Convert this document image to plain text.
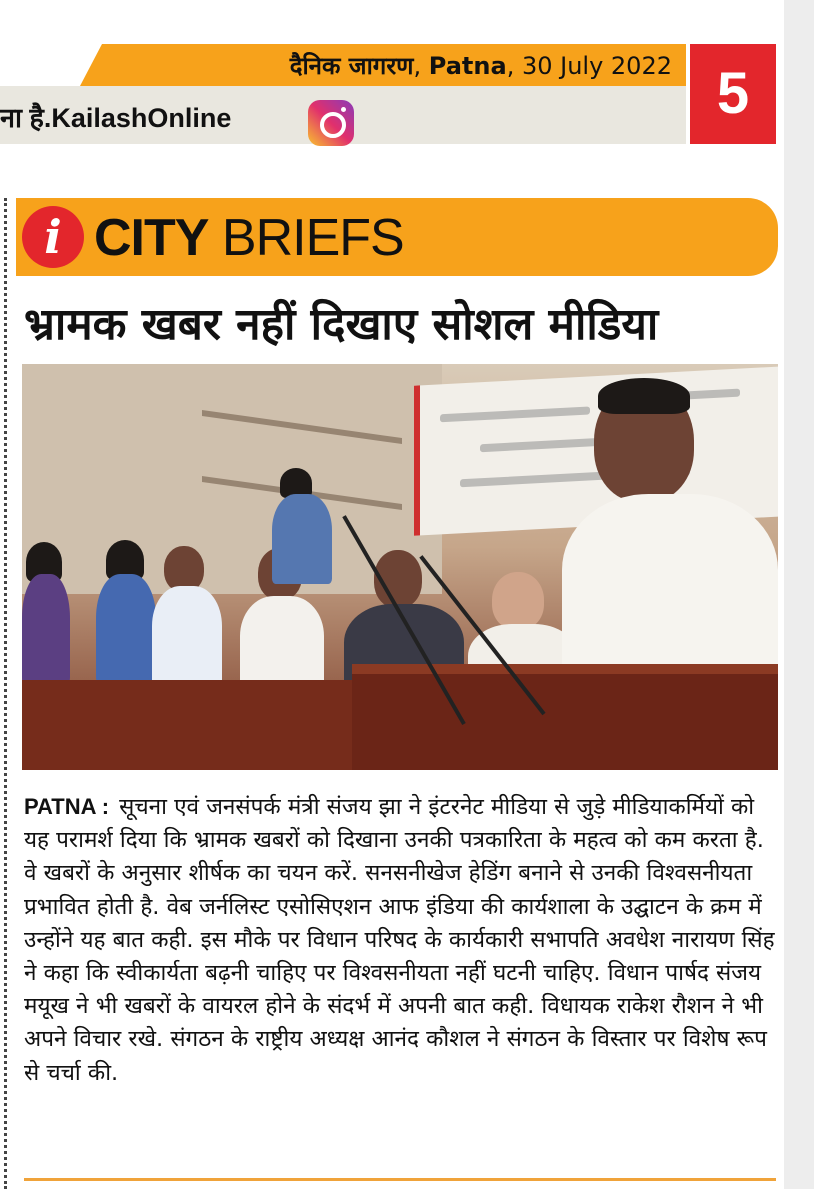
दैनिक जागरण, Patna, 30 July 2022 5
ना है.KailashOnline
i CITY BRIEFS
भ्रामक खबर नहीं दिखाए सोशल मीडिया
PATNA : सूचना एवं जनसंपर्क मंत्री संजय झा ने इंटरनेट मीडिया से जुड़े मीडियाकर्मियों को यह परामर्श दिया कि भ्रामक खबरों को दिखाना उनकी पत्रकारिता के महत्व को कम करता है. वे खबरों के अनुसार शीर्षक का चयन करें. सनसनीखेज हेडिंग बनाने से उनकी विश्वसनीयता प्रभावित होती है. वेब जर्नलिस्ट एसोसिएशन आफ इंडिया की कार्यशाला के उद्घाटन के क्रम में उन्होंने यह बात कही. इस मौके पर विधान परिषद के कार्यकारी सभापति अवधेश नारायण सिंह ने कहा कि स्वीकार्यता बढ़नी चाहिए पर विश्वसनीयता नहीं घटनी चाहिए. विधान पार्षद संजय मयूख ने भी खबरों के वायरल होने के संदर्भ में अपनी बात कही. विधायक राकेश रौशन ने भी अपने विचार रखे. संगठन के राष्ट्रीय अध्यक्ष आनंद कौशल ने संगठन के विस्तार पर विशेष रूप से चर्चा की.
